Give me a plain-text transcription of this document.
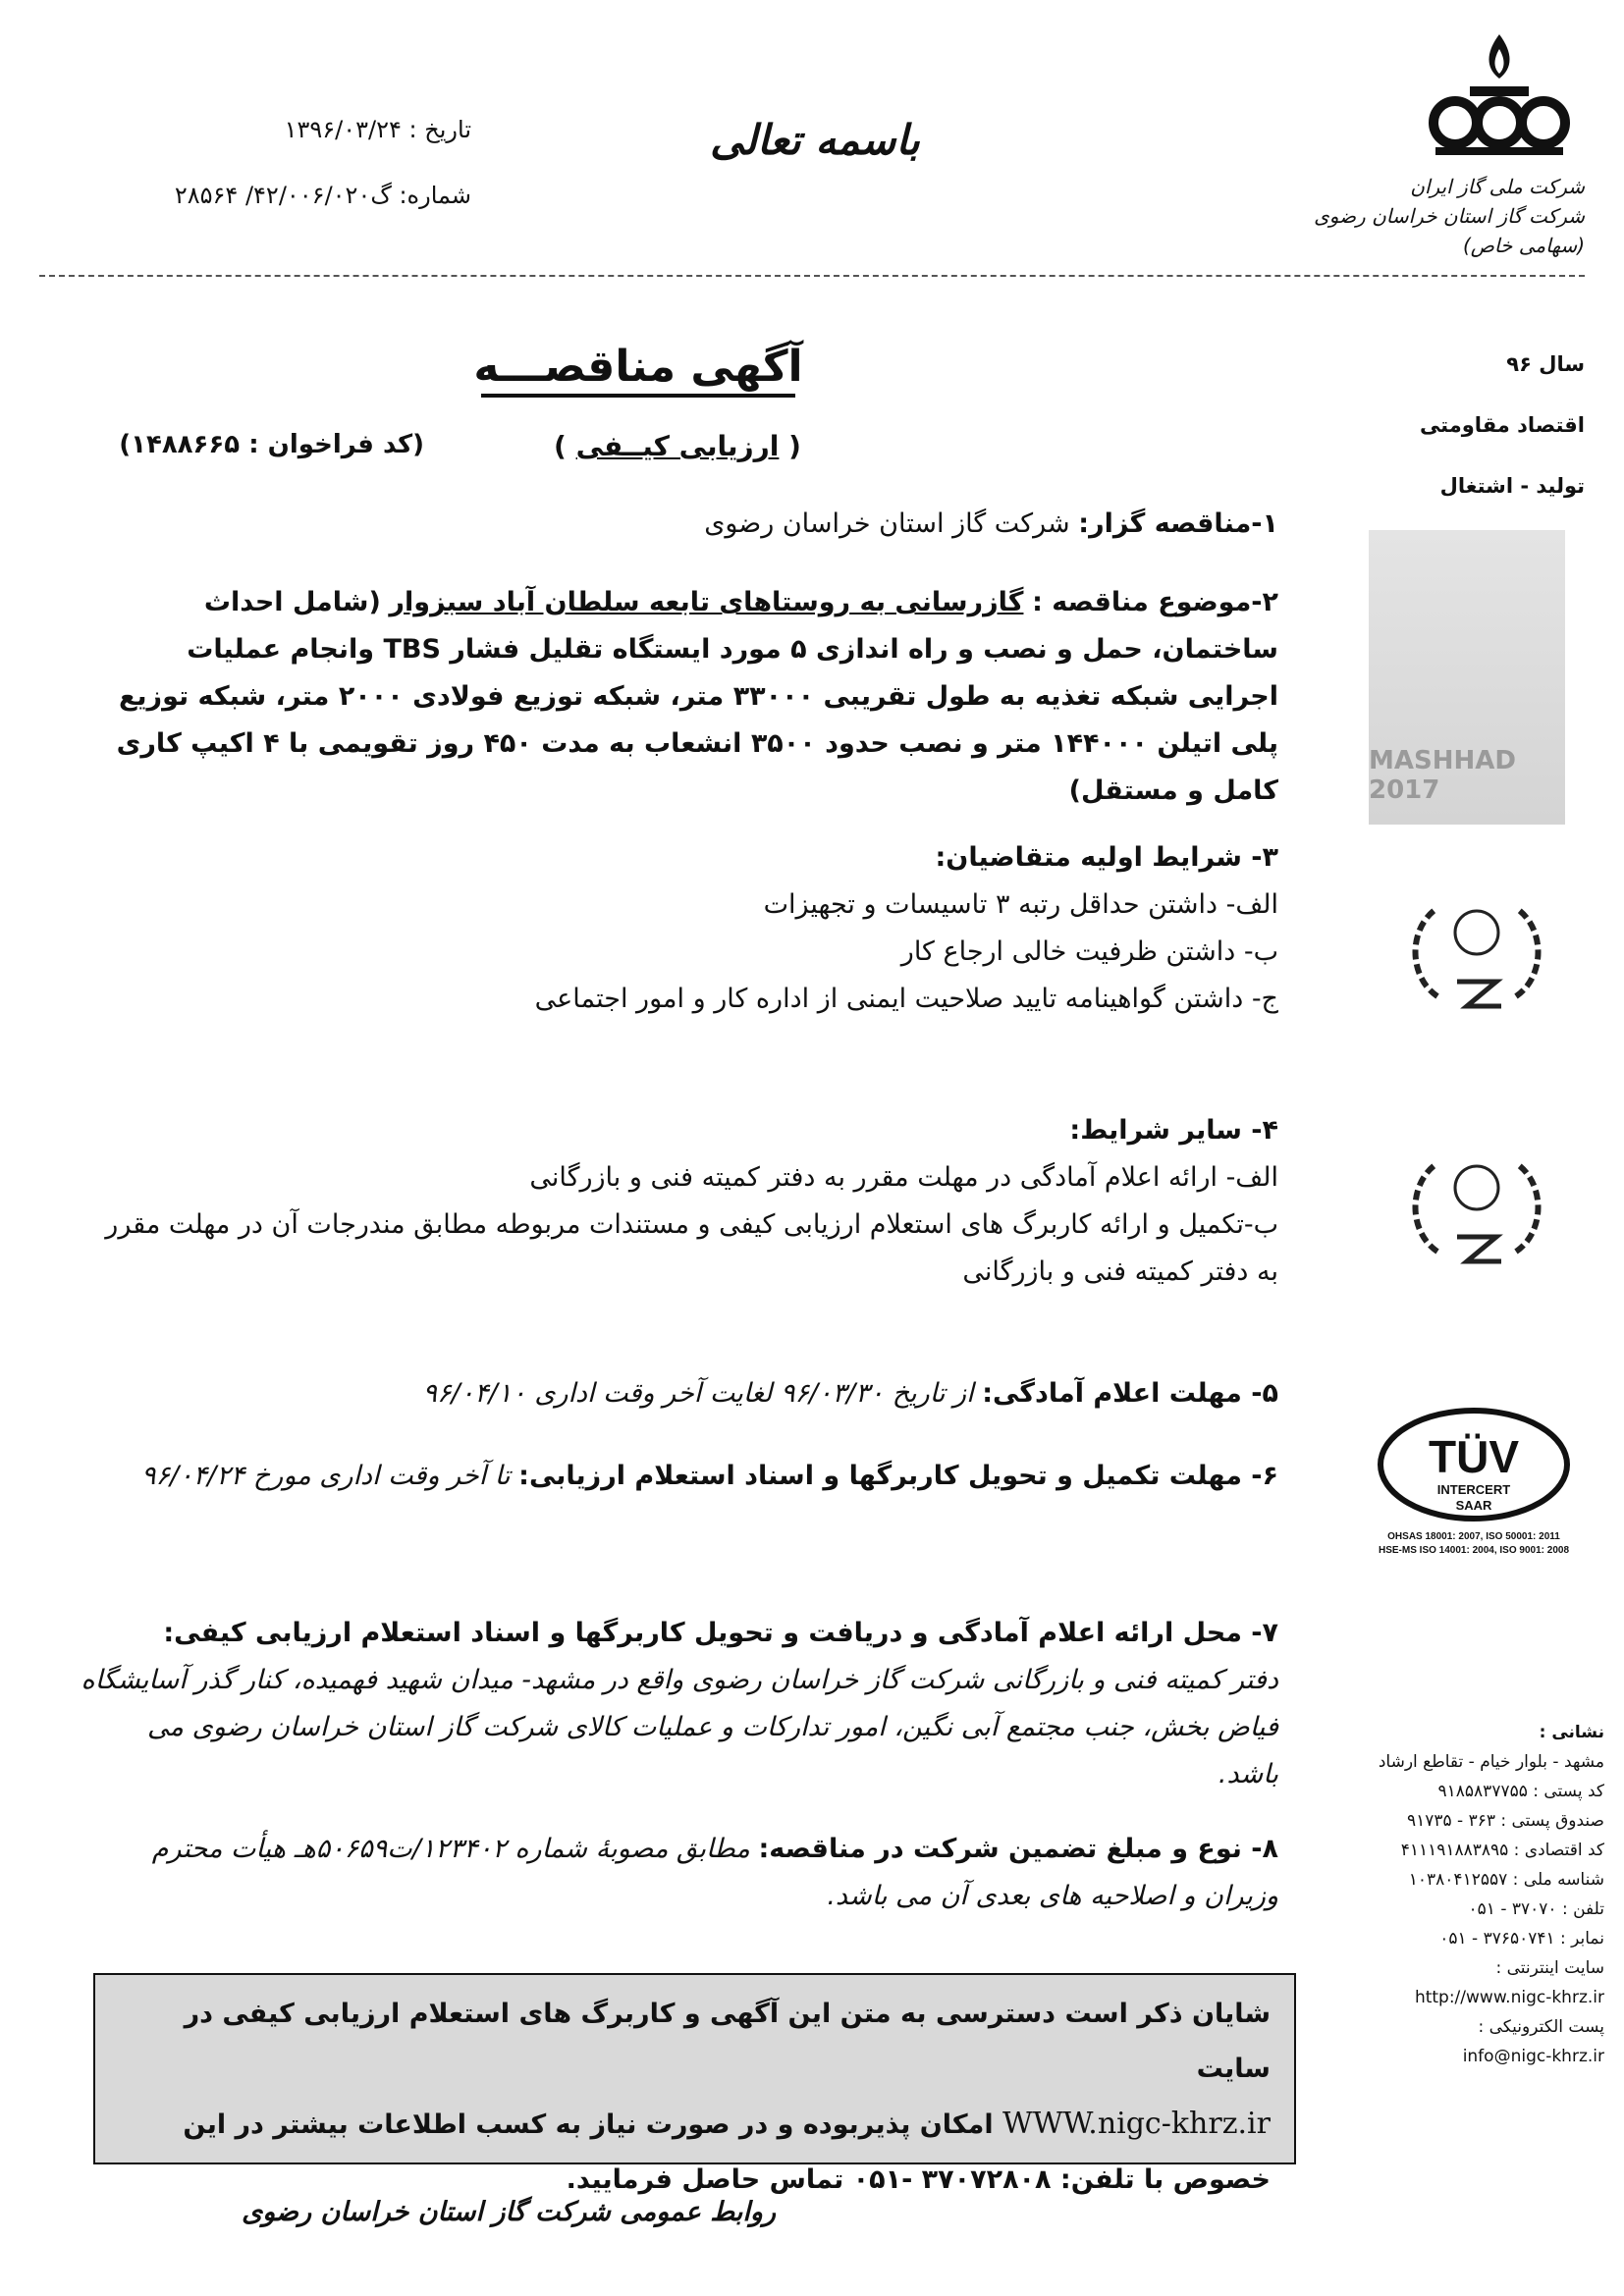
شرکت ملی گاز ایران
شرکت گاز استان خراسان رضوی (سهامی خاص)
باسمه تعالی
تاریخ : ۱۳۹۶/۰۳/۲۴
شماره: گ۴۲/۰۰۶/۰۲۰/ ۲۸۵۶۴
سال ۹۶
اقتصاد مقاومتی
تولید - اشتغال
MASHHAD 2017
TÜV
INTERCERT
SAAR
OHSAS 18001: 2007, ISO 50001: 2011
HSE-MS ISO 14001: 2004, ISO 9001: 2008
نشانی :
مشهد - بلوار خیام - تقاطع ارشاد
کد پستی : ۹۱۸۵۸۳۷۷۵۵
صندوق پستی : ۳۶۳ - ۹۱۷۳۵
کد اقتصادی : ۴۱۱۱۹۱۸۸۳۸۹۵
شناسه ملی : ۱۰۳۸۰۴۱۲۵۵۷
تلفن : ۳۷۰۷۰ - ۰۵۱
نمابر : ۳۷۶۵۰۷۴۱ - ۰۵۱
سایت اینترنتی :
http://www.nigc-khrz.ir
پست الکترونیکی :
info@nigc-khrz.ir
آگهی مناقصـــه
( ارزیابی کیــفی )
(کد فراخوان : ۱۴۸۸۶۶۵)
۱-مناقصه گزار: شرکت گاز استان خراسان رضوی
۲-موضوع مناقصه : گازرسانی به روستاهای تابعه سلطان آباد سبزوار (شامل احداث ساختمان، حمل و نصب و راه اندازی ۵ مورد ایستگاه تقلیل فشار TBS وانجام عملیات اجرایی شبکه تغذیه به طول تقریبی ۳۳۰۰۰ متر، شبکه توزیع فولادی ۲۰۰۰ متر، شبکه توزیع پلی اتیلن ۱۴۴۰۰۰ متر و نصب حدود ۳۵۰۰ انشعاب به مدت ۴۵۰ روز تقویمی با ۴ اکیپ کاری کامل و مستقل)
۳- شرایط اولیه متقاضیان:
الف- داشتن حداقل رتبه ۳ تاسیسات و تجهیزات
ب- داشتن ظرفیت خالی ارجاع کار
ج- داشتن گواهینامه تایید صلاحیت ایمنی از اداره کار و امور اجتماعی
۴- سایر شرایط:
الف- ارائه اعلام آمادگی در مهلت مقرر به دفتر کمیته فنی و بازرگانی
ب-تکمیل و ارائه کاربرگ های استعلام ارزیابی کیفی و مستندات مربوطه مطابق مندرجات آن در مهلت مقرر به دفتر کمیته فنی و بازرگانی
۵- مهلت اعلام آمادگی: از تاریخ ۹۶/۰۳/۳۰ لغایت آخر وقت اداری ۹۶/۰۴/۱۰
۶- مهلت تکمیل و تحویل کاربرگها و اسناد استعلام ارزیابی: تا آخر وقت اداری مورخ ۹۶/۰۴/۲۴
۷- محل ارائه اعلام آمادگی و دریافت و تحویل کاربرگها و اسناد استعلام ارزیابی کیفی:
دفتر کمیته فنی و بازرگانی شرکت گاز خراسان رضوی واقع در مشهد- میدان شهید فهمیده، کنار گذر آسایشگاه فیاض بخش، جنب مجتمع آبی نگین، امور تدارکات و عملیات کالای شرکت گاز استان خراسان رضوی می باشد.
۸- نوع و مبلغ تضمین شرکت در مناقصه: مطابق مصوبهٔ شماره ۱۲۳۴۰۲/ت۵۰۶۵۹هـ هیأت محترم وزیران و اصلاحیه های بعدی آن می باشد.
شایان ذکر است دسترسی به متن این آگهی و کاربرگ های استعلام ارزیابی کیفی در سایت
WWW.nigc-khrz.ir امکان پذیربوده و در صورت نیاز به کسب اطلاعات بیشتر در این
خصوص با تلفن: ۳۷۰۷۲۸۰۸ -۰۵۱ تماس حاصل فرمایید.
روابط عمومی شرکت گاز استان خراسان رضوی
